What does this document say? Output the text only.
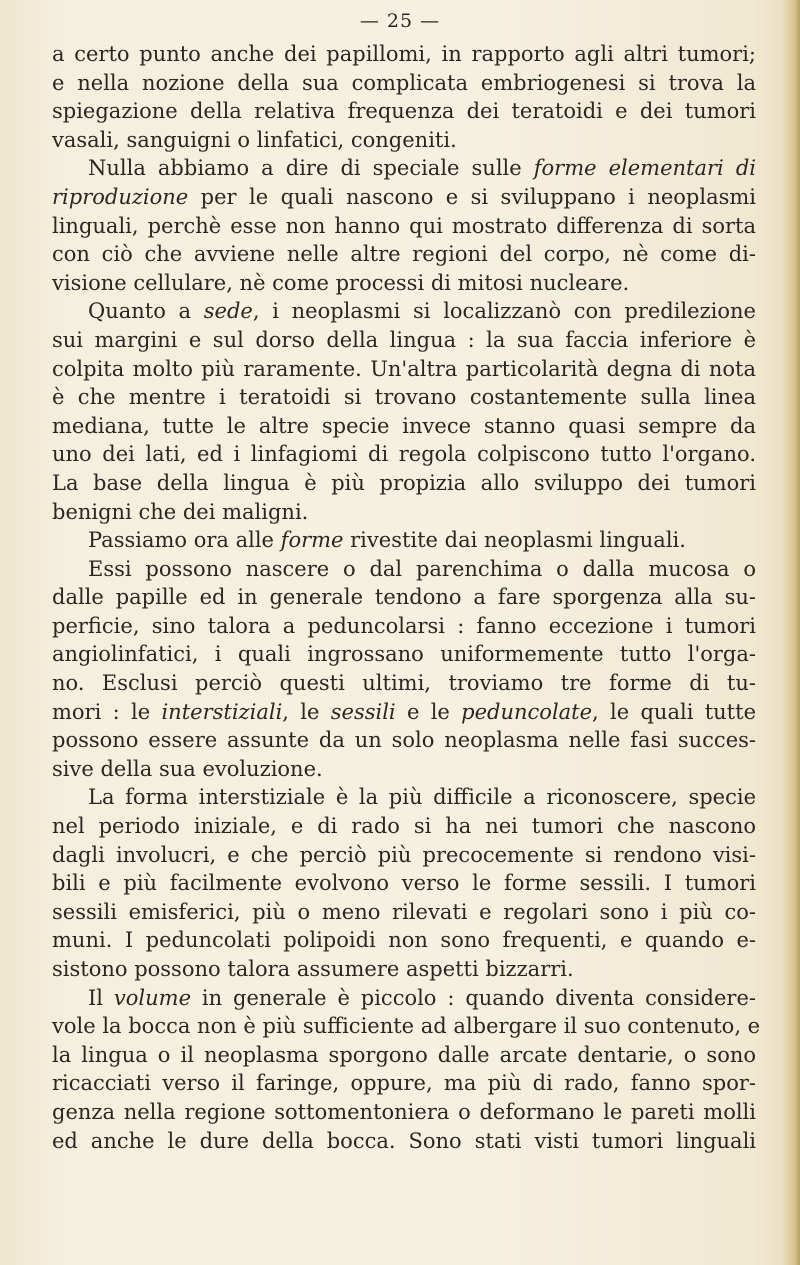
— 25 —
a certo punto anche dei papillomi, in rapporto agli altri tumori;
e nella nozione della sua complicata embriogenesi si trova la
spiegazione della relativa frequenza dei teratoidi e dei tumori
vasali, sanguigni o linfatici, congeniti.
Nulla abbiamo a dire di speciale sulle forme elementari di
riproduzione per le quali nascono e si sviluppano i neoplasmi
linguali, perchè esse non hanno qui mostrato differenza di sorta
con ciò che avviene nelle altre regioni del corpo, nè come di-
visione cellulare, nè come processi di mitosi nucleare.
Quanto a sede, i neoplasmi si localizzanò con predilezione
sui margini e sul dorso della lingua : la sua faccia inferiore è
colpita molto più raramente. Un'altra particolarità degna di nota
è che mentre i teratoidi si trovano costantemente sulla linea
mediana, tutte le altre specie invece stanno quasi sempre da
uno dei lati, ed i linfagiomi di regola colpiscono tutto l'organo.
La base della lingua è più propizia allo sviluppo dei tumori
benigni che dei maligni.
Passiamo ora alle forme rivestite dai neoplasmi linguali.
Essi possono nascere o dal parenchima o dalla mucosa o
dalle papille ed in generale tendono a fare sporgenza alla su-
perficie, sino talora a peduncolarsi : fanno eccezione i tumori
angiolinfatici, i quali ingrossano uniformemente tutto l'orga-
no. Esclusi perciò questi ultimi, troviamo tre forme di tu-
mori : le interstiziali, le sessili e le peduncolate, le quali tutte
possono essere assunte da un solo neoplasma nelle fasi succes-
sive della sua evoluzione.
La forma interstiziale è la più difficile a riconoscere, specie
nel periodo iniziale, e di rado si ha nei tumori che nascono
dagli involucri, e che perciò più precocemente si rendono visi-
bili e più facilmente evolvono verso le forme sessili. I tumori
sessili emisferici, più o meno rilevati e regolari sono i più co-
muni. I peduncolati polipoidi non sono frequenti, e quando e-
sistono possono talora assumere aspetti bizzarri.
Il volume in generale è piccolo : quando diventa considere-
vole la bocca non è più sufficiente ad albergare il suo contenuto, e
la lingua o il neoplasma sporgono dalle arcate dentarie, o sono
ricacciati verso il faringe, oppure, ma più di rado, fanno spor-
genza nella regione sottomentoniera o deformano le pareti molli
ed anche le dure della bocca. Sono stati visti tumori linguali
